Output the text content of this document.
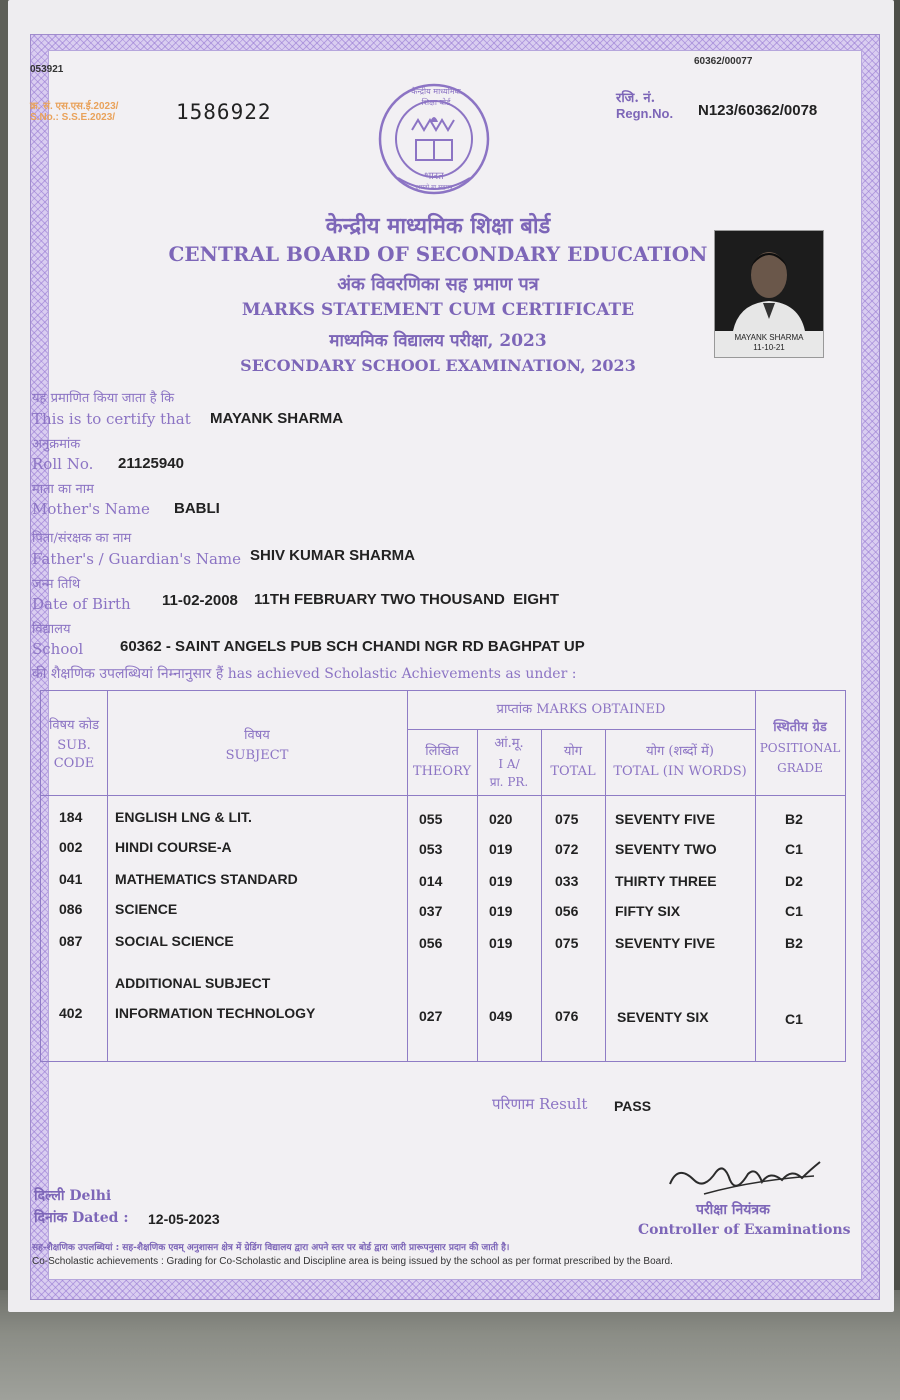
053921
60362/00077
क्र. सं. एस.एस.ई.2023/
S.No.: S.S.E.2023/	1586922
रजि. नं.
Regn.No. N123/60362/0078
केन्द्रीय माध्यमिक शिक्षा बोर्ड
भारत
असतो मा सद्गमय
केन्द्रीय माध्यमिक शिक्षा बोर्ड
CENTRAL BOARD OF SECONDARY EDUCATION
अंक विवरणिका सह प्रमाण पत्र
MARKS STATEMENT CUM CERTIFICATE
माध्यमिक विद्यालय परीक्षा, 2023
SECONDARY SCHOOL EXAMINATION, 2023
MAYANK SHARMA
11-10-21
यह प्रमाणित किया जाता है कि
This is to certify that MAYANK SHARMA
अनुक्रमांक
Roll No. 21125940
माता का नाम
Mother's Name BABLI
पिता/संरक्षक का नाम
Father's / Guardian's Name SHIV KUMAR SHARMA
जन्म तिथि
Date of Birth 11-02-2008 11TH FEBRUARY TWO THOUSAND  EIGHT
विद्यालय
School 60362 - SAINT ANGELS PUB SCH CHANDI NGR RD BAGHPAT UP
की शैक्षणिक उपलब्धियां निम्नानुसार हैं has achieved Scholastic Achievements as under :
विषय कोड
SUB.
CODE
विषय
SUBJECT
प्राप्तांक MARKS OBTAINED
लिखित
THEORY
आं.मू.
I A/
प्रा. PR.
योग
TOTAL
योग (शब्दों में)
TOTAL (IN WORDS)
स्थितीय ग्रेड
POSITIONAL
GRADE
184 ENGLISH LNG & LIT.	055	020	075	SEVENTY FIVE	B2
002 HINDI COURSE-A	053	019	072	SEVENTY TWO	C1
041 MATHEMATICS STANDARD	014	019	033	THIRTY THREE	D2
086 SCIENCE	037	019	056	FIFTY SIX	C1
087 SOCIAL SCIENCE	056	019	075	SEVENTY FIVE	B2
ADDITIONAL SUBJECT
402 INFORMATION TECHNOLOGY	027	049	076	SEVENTY SIX	C1
परिणाम Result PASS
परीक्षा नियंत्रक
Controller of Examinations
दिल्ली Delhi
दिनांक Dated : 12-05-2023
सह-शैक्षणिक उपलब्धियां : सह-शैक्षणिक एवम् अनुशासन क्षेत्र में ग्रेडिंग विद्यालय द्वारा अपने स्तर पर बोर्ड द्वारा जारी प्रारूपनुसार प्रदान की जाती है।
Co-Scholastic achievements : Grading for Co-Scholastic and Discipline area is being issued by the school as per format prescribed by the Board.
